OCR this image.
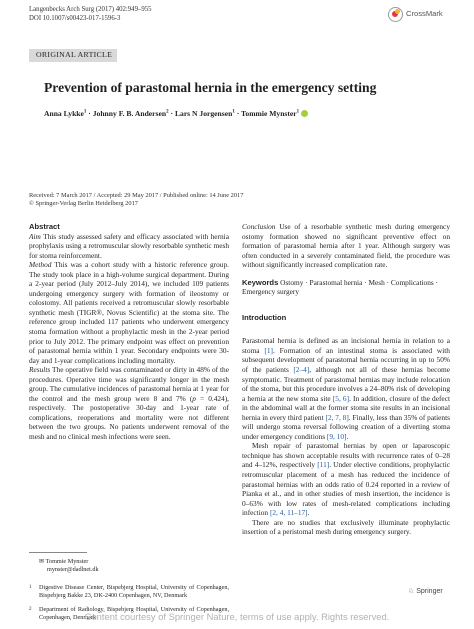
Langenbecks Arch Surg (2017) 402:949–955
DOI 10.1007/s00423-017-1596-3
CrossMark
ORIGINAL ARTICLE
Prevention of parastomal hernia in the emergency setting
Anna Lykke$^1$ · Johnny F. B. Andersen$^2$ · Lars N Jorgensen$^1$ · Tommie Mynster$^1$
Received: 7 March 2017 / Accepted: 29 May 2017 / Published online: 14 June 2017
© Springer-Verlag Berlin Heidelberg 2017
Abstract

Aim This study assessed safety and efficacy associated with hernia prophylaxis using a retromuscular slowly resorbable synthetic mesh for stoma reinforcement.

Method This was a cohort study with a historic reference group. The study took place in a high-volume surgical department. During a 2-year period (July 2012–July 2014), we included 109 patients undergoing emergency surgery with formation of ileostomy or colostomy. All patients received a retromuscular slowly resorbable synthetic mesh (TIGR®, Novus Scientific) at the stoma site. The reference group included 117 patients who underwent emergency stoma formation without a prophylactic mesh in the 2-year period prior to July 2012. The primary endpoint was effect on prevention of parastomal hernia within 1 year. Secondary endpoints were 30-day and 1-year complications including mortality.

Results The operative field was contaminated or dirty in 48% of the procedures. Operative time was significantly longer in the mesh group. The cumulative incidences of parastomal hernia at 1 year for the control and the mesh group were 8 and 7% (p = 0.424), respectively. The postoperative 30-day and 1-year rate of complications, reoperations and mortality were not different between the two groups. No patients underwent removal of the mesh and no clinical mesh infections were seen.

✉ Tommie Mynster
mynster@dadlnet.dk
1	Digestive Disease Center, Bispebjerg Hospital, University of Copenhagen, Bispebjerg Bakke 23, DK-2400 Copenhagen, NV, Denmark
2	Department of Radiology, Bispebjerg Hospital, University of Copenhagen, Copenhagen, Denmark

Conclusion Use of a resorbable synthetic mesh during emergency ostomy formation showed no significant preventive effect on formation of parastomal hernia after 1 year. Although surgery was often conducted in a severely contaminated field, the procedure was without significantly increased complication rate.

Keywords Ostomy · Parastomal hernia · Mesh · Complications · Emergency surgery

Introduction

Parastomal hernia is defined as an incisional hernia in relation to a stoma [1]. Formation of an intestinal stoma is associated with subsequent development of parastomal hernia occurring in up to 50% of the patients [2–4], although not all of these hernias become symptomatic. Treatment of parastomal hernias may include relocation of the stoma, but this procedure involves a 24–80% risk of developing a hernia at the new stoma site [5, 6]. In addition, closure of the defect in the abdominal wall at the former stoma site results in an incisional hernia in every third patient [2, 7, 8]. Finally, less than 35% of patients will undergo stoma reversal following creation of a diverting stoma under emergency conditions [9, 10].

Mesh repair of parastomal hernias by open or laparoscopic technique has shown acceptable results with recurrence rates of 0–28 and 4–12%, respectively [11]. Under elective conditions, prophylactic retromuscular placement of a mesh has reduced the incidence of parastomal hernias with an odds ratio of 0.24 reported in a review of Pianka et al., and in other studies of mesh insertion, the incidence is 0–63% with low rates of mesh-related complications including infection [2, 4, 11–17].

There are no studies that exclusively illuminate prophylactic insertion of a peristomal mesh during emergency surgery.

♘ Springer
Content courtesy of Springer Nature, terms of use apply. Rights reserved.
